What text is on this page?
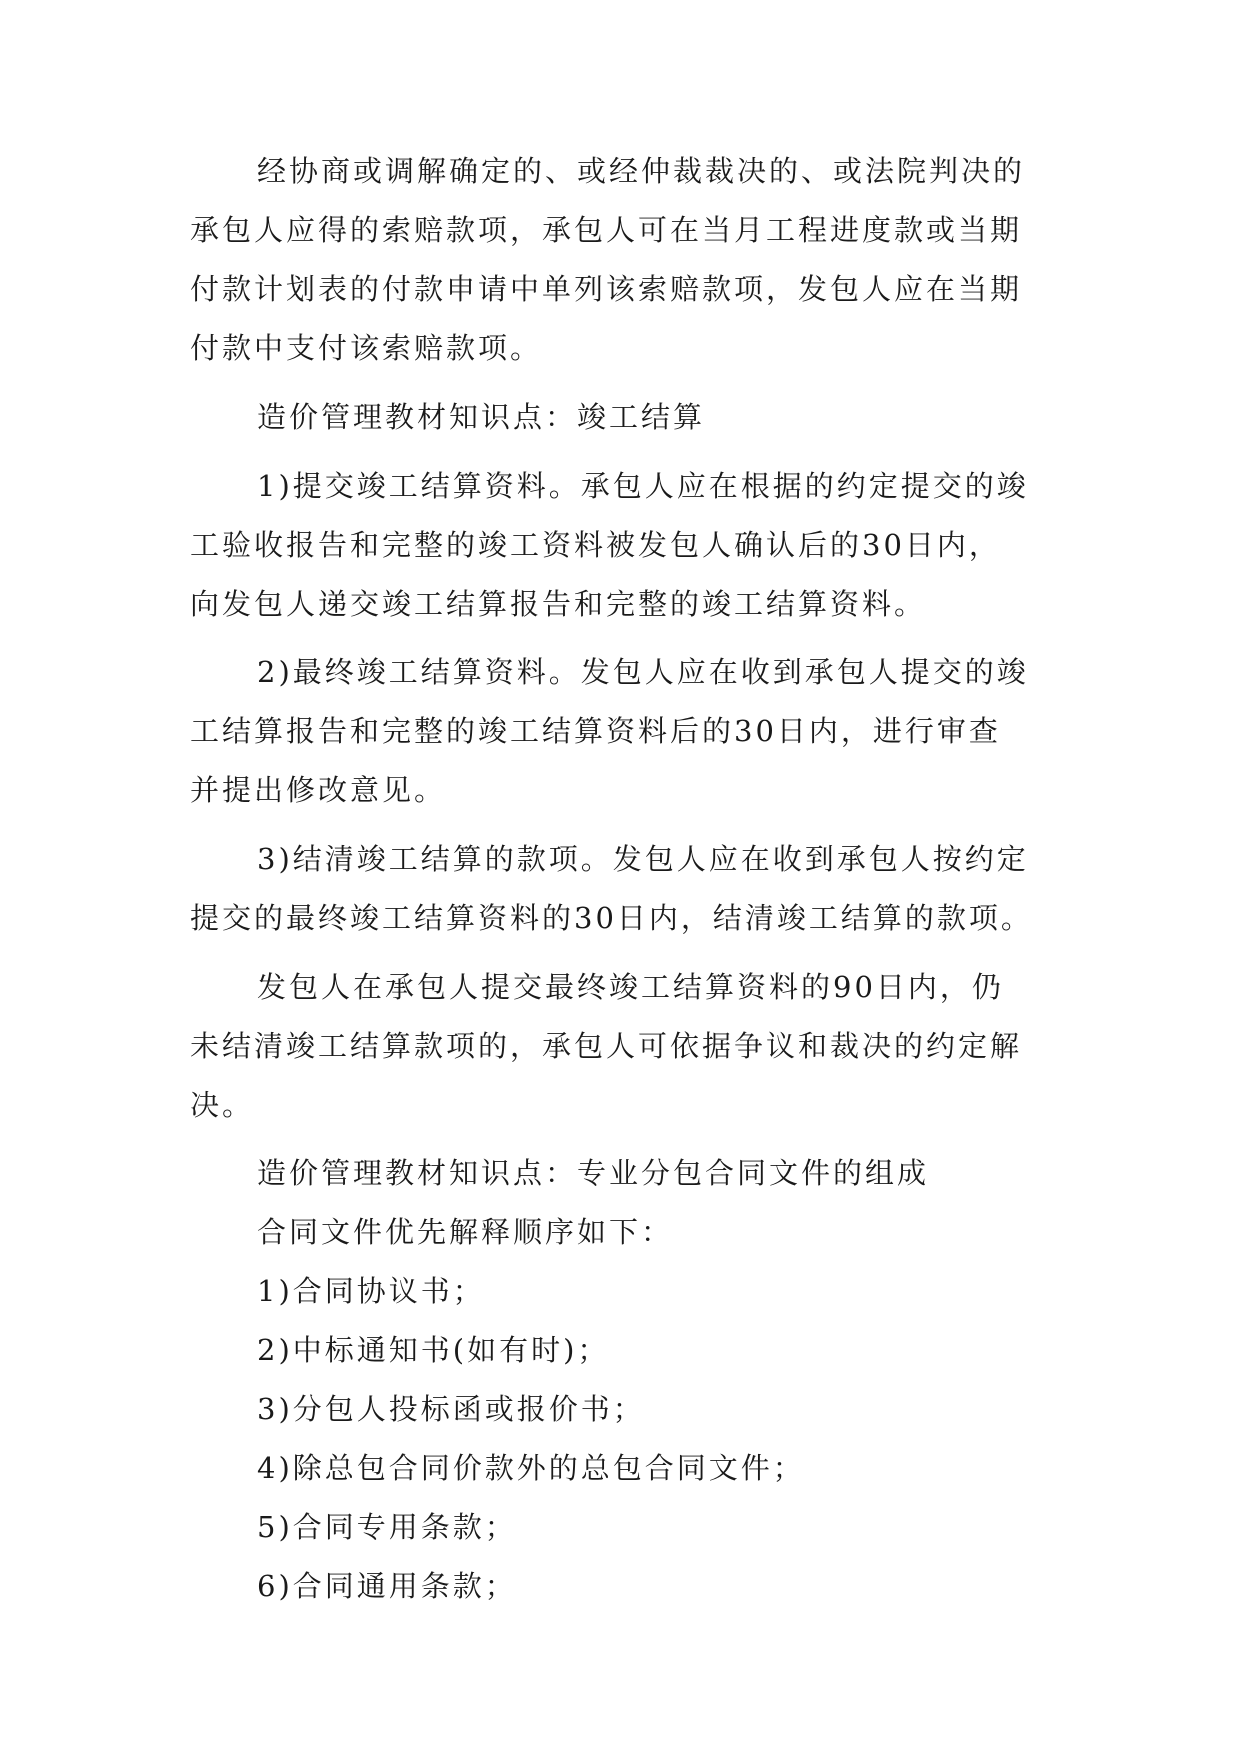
经协商或调解确定的、或经仲裁裁决的、或法院判决的
承包人应得的索赔款项，承包人可在当月工程进度款或当期
付款计划表的付款申请中单列该索赔款项，发包人应在当期
付款中支付该索赔款项。
造价管理教材知识点：竣工结算
1)提交竣工结算资料。承包人应在根据的约定提交的竣
工验收报告和完整的竣工资料被发包人确认后的30日内，
向发包人递交竣工结算报告和完整的竣工结算资料。
2)最终竣工结算资料。发包人应在收到承包人提交的竣
工结算报告和完整的竣工结算资料后的30日内，进行审查
并提出修改意见。
3)结清竣工结算的款项。发包人应在收到承包人按约定
提交的最终竣工结算资料的30日内，结清竣工结算的款项。
发包人在承包人提交最终竣工结算资料的90日内，仍
未结清竣工结算款项的，承包人可依据争议和裁决的约定解
决。
造价管理教材知识点：专业分包合同文件的组成
合同文件优先解释顺序如下：
1)合同协议书；
2)中标通知书(如有时)；
3)分包人投标函或报价书；
4)除总包合同价款外的总包合同文件；
5)合同专用条款；
6)合同通用条款；
